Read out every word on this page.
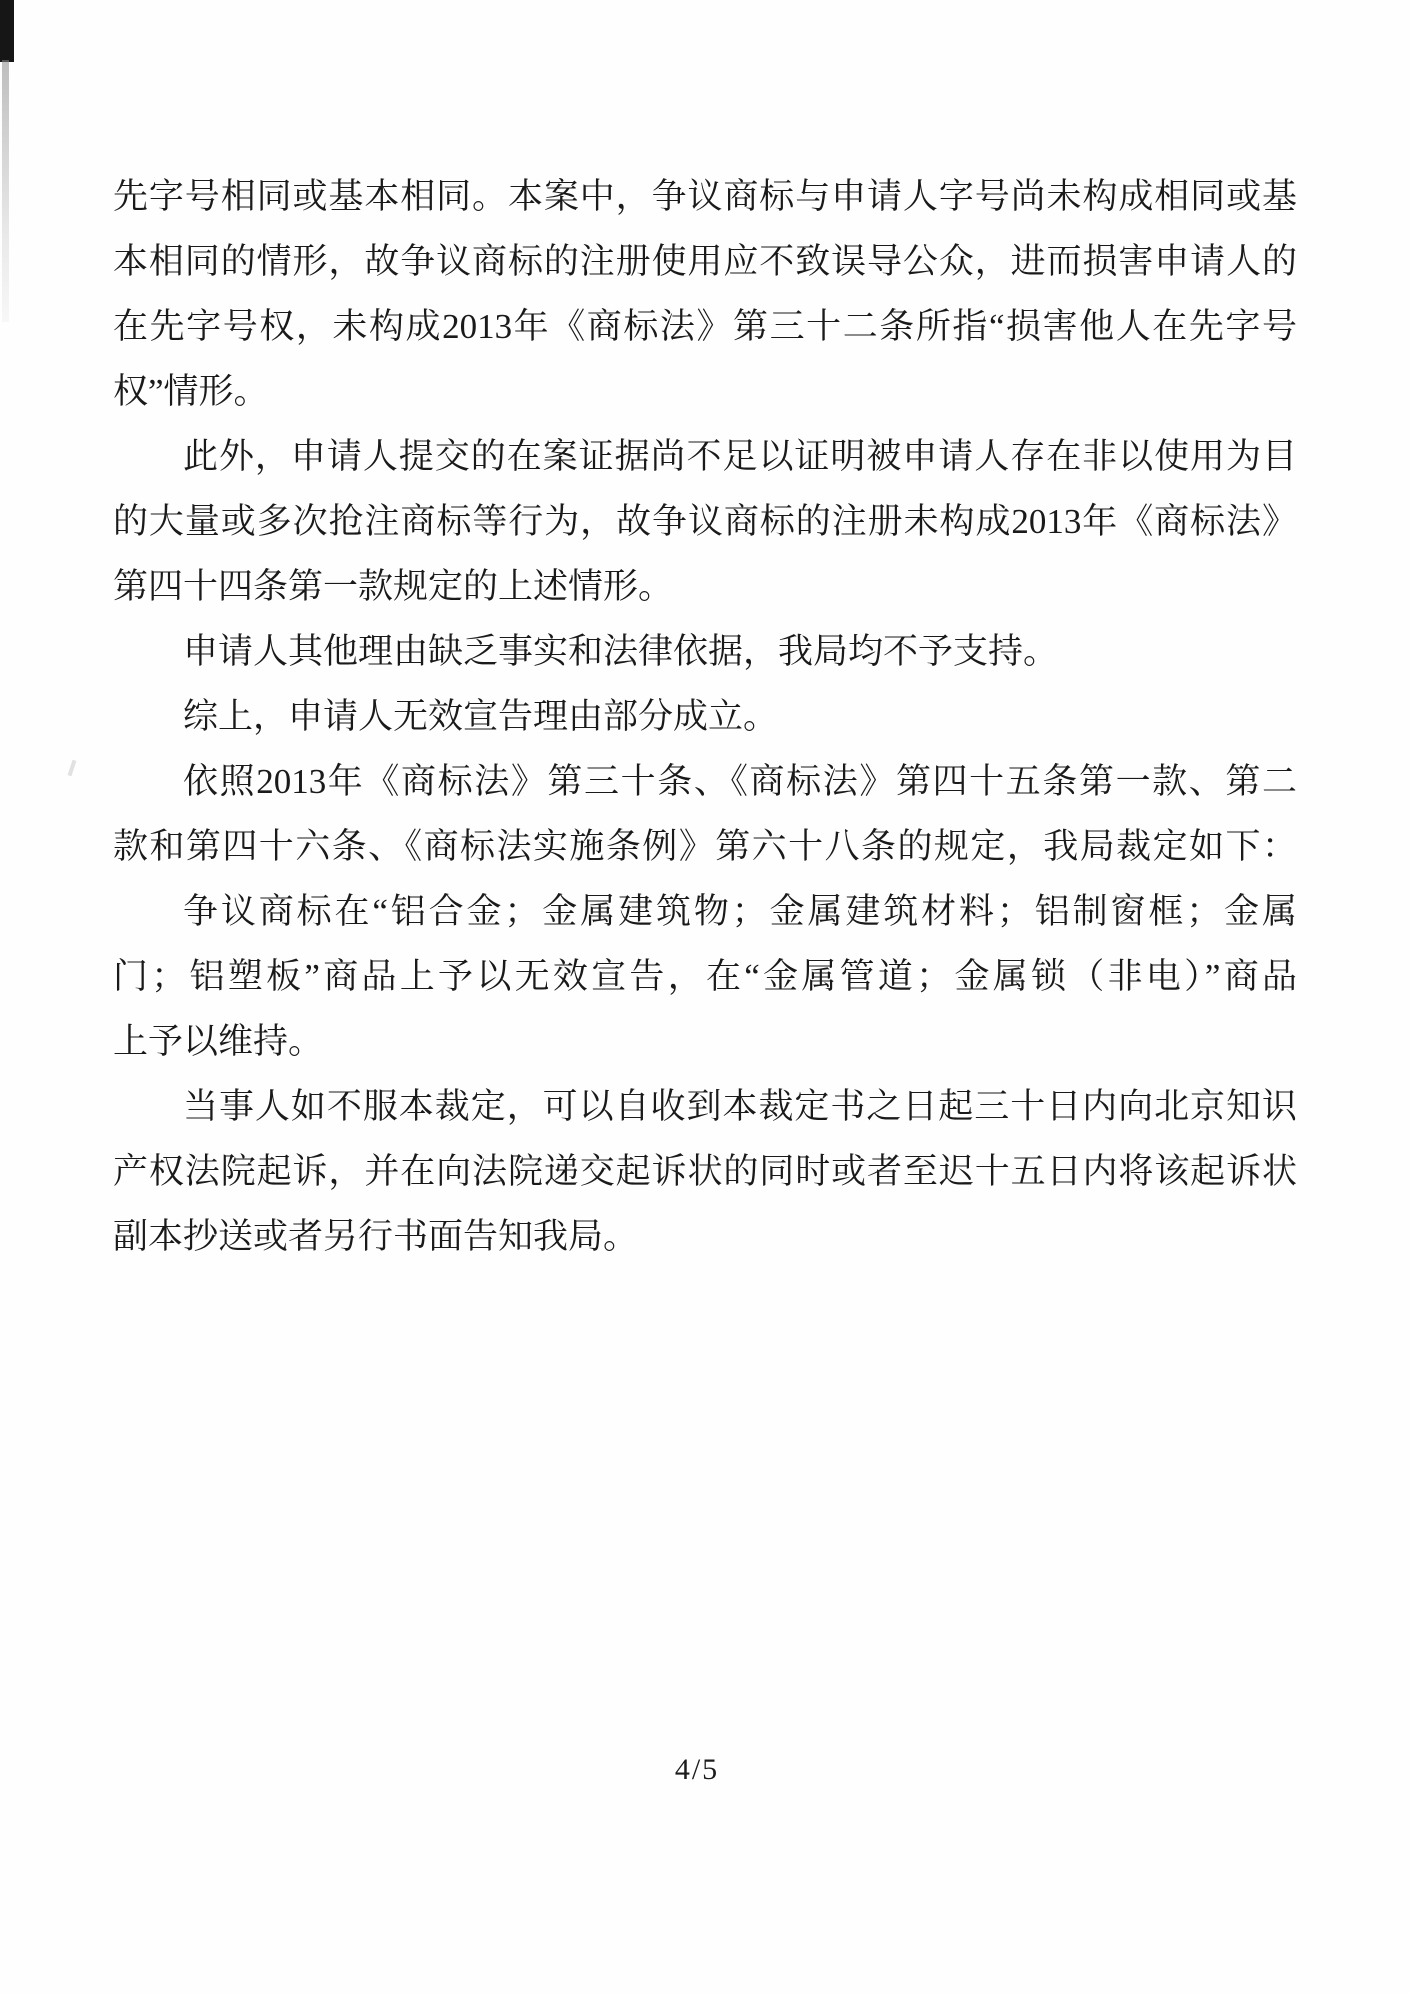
先字号相同或基本相同。本案中，争议商标与申请人字号尚未构成相同或基
本相同的情形，故争议商标的注册使用应不致误导公众，进而损害申请人的
在先字号权，未构成2013年《商标法》第三十二条所指“损害他人在先字号
权”情形。
此外，申请人提交的在案证据尚不足以证明被申请人存在非以使用为目
的大量或多次抢注商标等行为，故争议商标的注册未构成2013年《商标法》
第四十四条第一款规定的上述情形。
申请人其他理由缺乏事实和法律依据，我局均不予支持。
综上，申请人无效宣告理由部分成立。
依照2013年《商标法》第三十条、《商标法》第四十五条第一款、第二
款和第四十六条、《商标法实施条例》第六十八条的规定，我局裁定如下：
争议商标在“铝合金；金属建筑物；金属建筑材料；铝制窗框；金属
门；铝塑板”商品上予以无效宣告，在“金属管道；金属锁（非电）”商品
上予以维持。
当事人如不服本裁定，可以自收到本裁定书之日起三十日内向北京知识
产权法院起诉，并在向法院递交起诉状的同时或者至迟十五日内将该起诉状
副本抄送或者另行书面告知我局。
4/5
